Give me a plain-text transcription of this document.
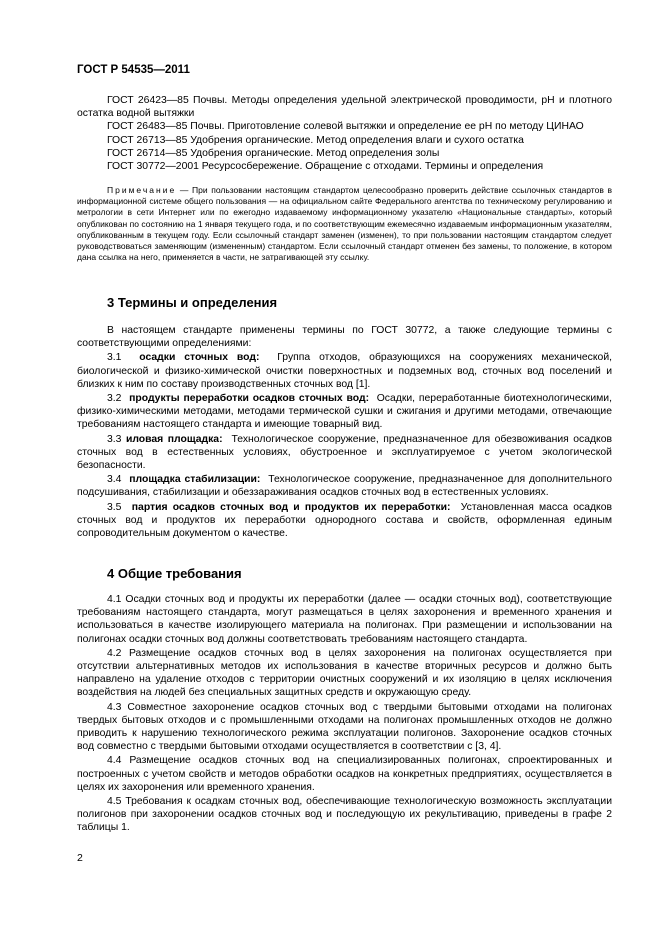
ГОСТ Р 54535—2011

ГОСТ 26423—85 Почвы. Методы определения удельной электрической проводимости, pH и плотного остатка водной вытяжки

ГОСТ 26483—85 Почвы. Приготовление солевой вытяжки и определение ее pH по методу ЦИНАО

ГОСТ 26713—85 Удобрения органические. Метод определения влаги и сухого остатка

ГОСТ 26714—85 Удобрения органические. Метод определения золы

ГОСТ 30772—2001 Ресурсосбережение. Обращение с отходами. Термины и определения

Примечание — При пользовании настоящим стандартом целесообразно проверить действие ссылочных стандартов в информационной системе общего пользования — на официальном сайте Федерального агентства по техническому регулированию и метрологии в сети Интернет или по ежегодно издаваемому информационному указателю «Национальные стандарты», который опубликован по состоянию на 1 января текущего года, и по соответствующим ежемесячно издаваемым информационным указателям, опубликованным в текущем году. Если ссылочный стандарт заменен (изменен), то при пользовании настоящим стандартом следует руководствоваться заменяющим (измененным) стандартом. Если ссылочный стандарт отменен без замены, то положение, в котором дана ссылка на него, применяется в части, не затрагивающей эту ссылку.

3 Термины и определения

В настоящем стандарте применены термины по ГОСТ 30772, а также следующие термины с соответствующими определениями:

3.1 осадки сточных вод: Группа отходов, образующихся на сооружениях механической, биологической и физико-химической очистки поверхностных и подземных вод, сточных вод поселений и близких к ним по составу производственных сточных вод [1].

3.2 продукты переработки осадков сточных вод: Осадки, переработанные биотехнологическими, физико-химическими методами, методами термической сушки и сжигания и другими методами, отвечающие требованиям настоящего стандарта и имеющие товарный вид.

3.3 иловая площадка: Технологическое сооружение, предназначенное для обезвоживания осадков сточных вод в естественных условиях, обустроенное и эксплуатируемое с учетом экологической безопасности.

3.4 площадка стабилизации: Технологическое сооружение, предназначенное для дополнительного подсушивания, стабилизации и обеззараживания осадков сточных вод в естественных условиях.

3.5 партия осадков сточных вод и продуктов их переработки: Установленная масса осадков сточных вод и продуктов их переработки однородного состава и свойств, оформленная единым сопроводительным документом о качестве.

4 Общие требования

4.1 Осадки сточных вод и продукты их переработки (далее — осадки сточных вод), соответствующие требованиям настоящего стандарта, могут размещаться в целях захоронения и временного хранения и использоваться в качестве изолирующего материала на полигонах. При размещении и использовании на полигонах осадки сточных вод должны соответствовать требованиям настоящего стандарта.

4.2 Размещение осадков сточных вод в целях захоронения на полигонах осуществляется при отсутствии альтернативных методов их использования в качестве вторичных ресурсов и должно быть направлено на удаление отходов с территории очистных сооружений и их изоляцию в целях исключения воздействия на людей без специальных защитных средств и окружающую среду.

4.3 Совместное захоронение осадков сточных вод с твердыми бытовыми отходами на полигонах твердых бытовых отходов и с промышленными отходами на полигонах промышленных отходов не должно приводить к нарушению технологического режима эксплуатации полигонов. Захоронение осадков сточных вод совместно с твердыми бытовыми отходами осуществляется в соответствии с [3, 4].

4.4 Размещение осадков сточных вод на специализированных полигонах, спроектированных и построенных с учетом свойств и методов обработки осадков на конкретных предприятиях, осуществляется в целях их захоронения или временного хранения.

4.5 Требования к осадкам сточных вод, обеспечивающие технологическую возможность эксплуатации полигонов при захоронении осадков сточных вод и последующую их рекультивацию, приведены в графе 2 таблицы 1.

2
